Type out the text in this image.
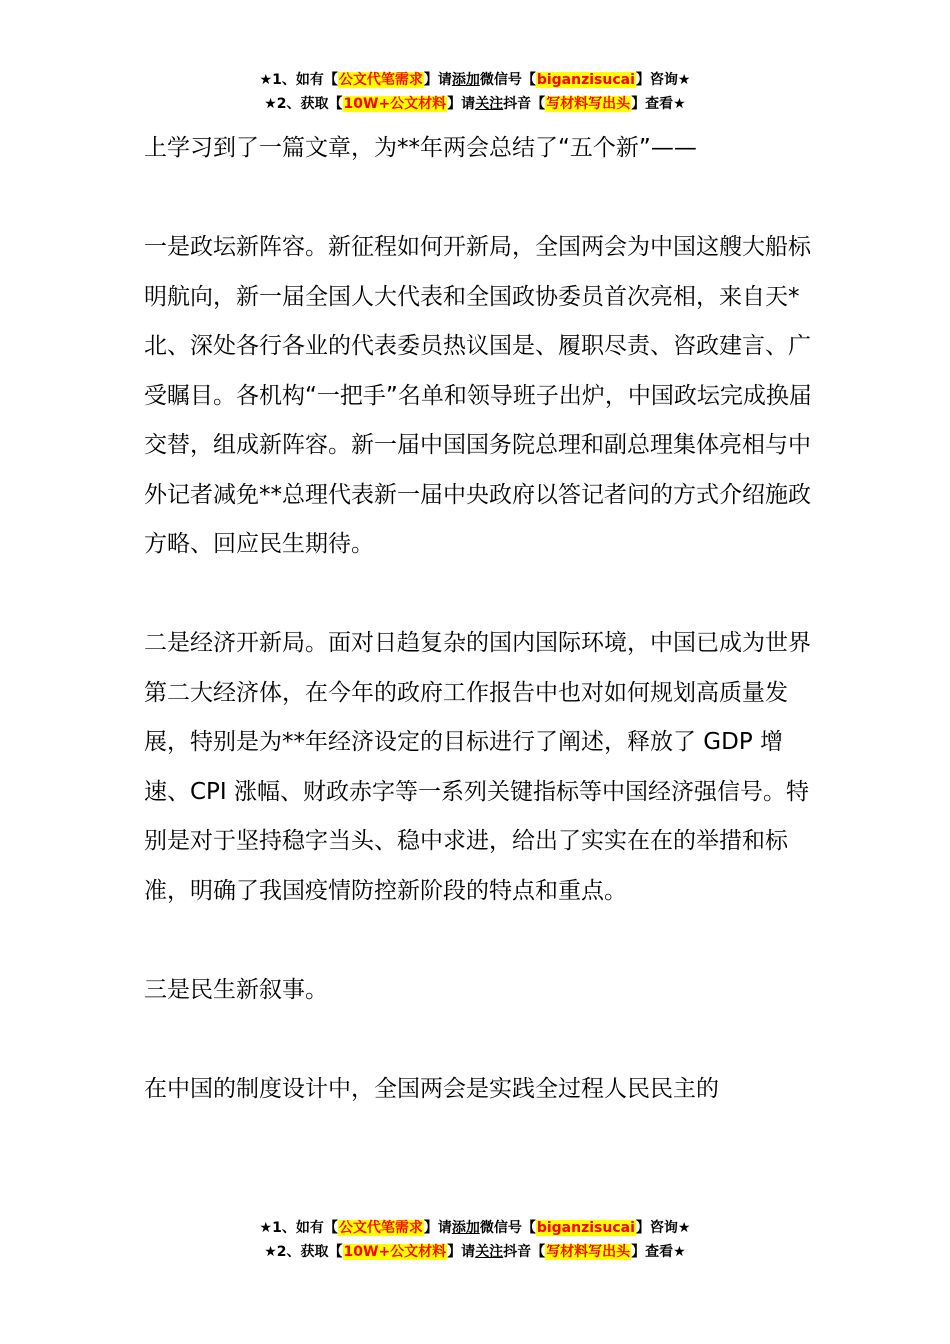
★1、如有【公文代笔需求】请添加微信号【biganzisucai】咨询★
★2、获取【10W+公文材料】请关注抖音【写材料写出头】查看★

上学习到了一篇文章，为**年两会总结了“五个新”——

一是政坛新阵容。新征程如何开新局，全国两会为中国这艘大船标明航向，新一届全国人大代表和全国政协委员首次亮相，来自天*北、深处各行各业的代表委员热议国是、履职尽责、咨政建言、广受瞩目。各机构“一把手”名单和领导班子出炉，中国政坛完成换届交替，组成新阵容。新一届中国国务院总理和副总理集体亮相与中外记者减免**总理代表新一届中央政府以答记者问的方式介绍施政方略、回应民生期待。

二是经济开新局。面对日趋复杂的国内国际环境，中国已成为世界第二大经济体，在今年的政府工作报告中也对如何规划高质量发展，特别是为**年经济设定的目标进行了阐述，释放了 GDP 增速、CPI 涨幅、财政赤字等一系列关键指标等中国经济强信号。特别是对于坚持稳字当头、稳中求进，给出了实实在在的举措和标准，明确了我国疫情防控新阶段的特点和重点。

三是民生新叙事。

在中国的制度设计中，全国两会是实践全过程人民民主的

★1、如有【公文代笔需求】请添加微信号【biganzisucai】咨询★
★2、获取【10W+公文材料】请关注抖音【写材料写出头】查看★
